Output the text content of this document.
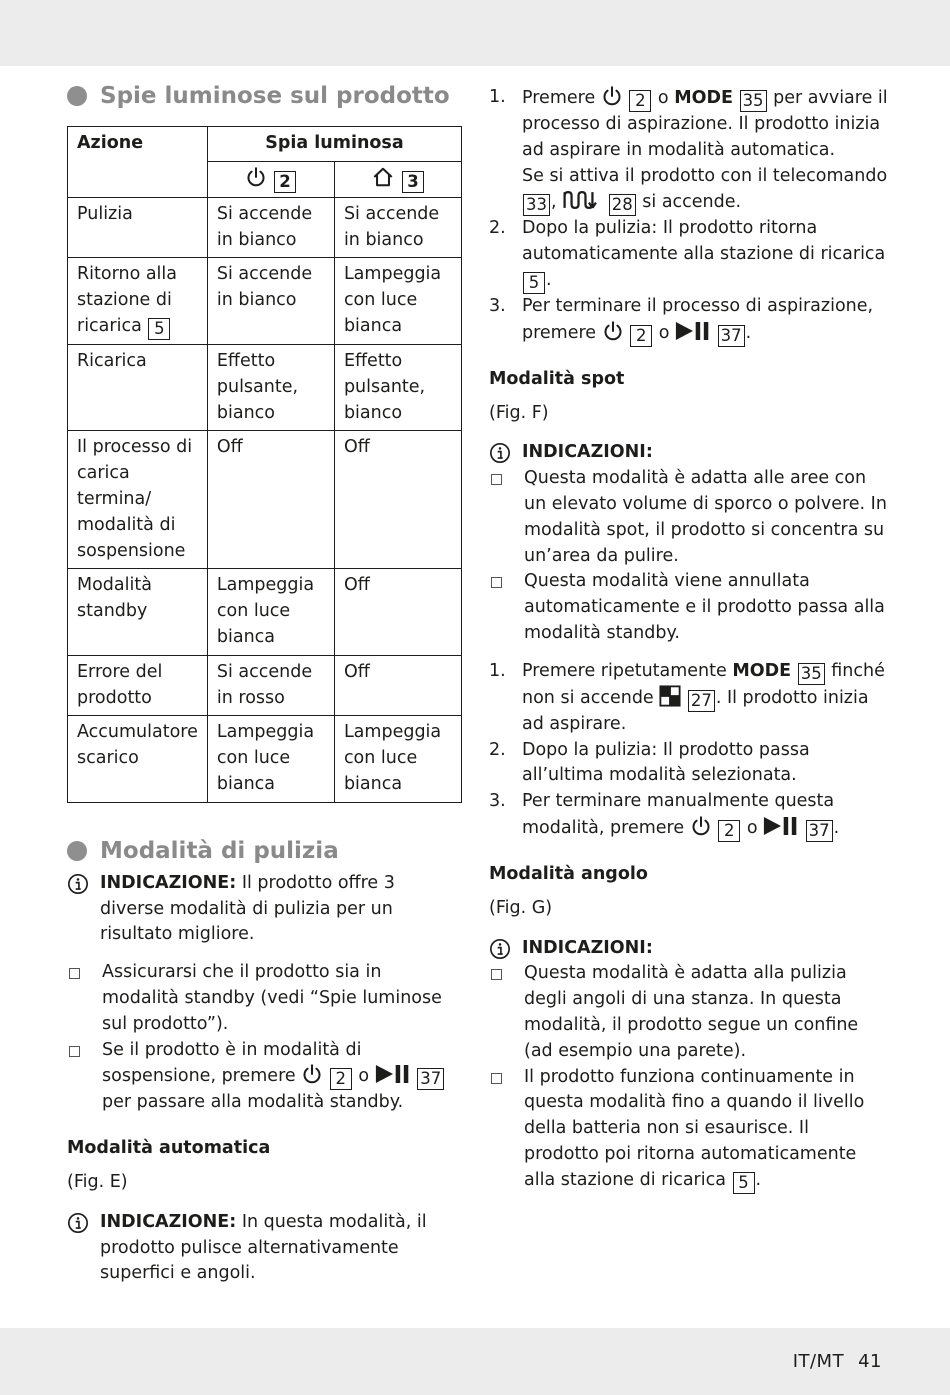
IT/MT 41
Spie luminose sul prodotto
Azione	Spia luminosa	
	2	3
Pulizia	Si accende in bianco	Si accende in bianco
Ritorno alla stazione di ricarica 5	Si accende in bianco	Lampeggia con luce bianca
Ricarica	Effetto pulsante, bianco	Effetto pulsante, bianco
Il processo di carica termina/ modalità di sospensione	Off	Off
Modalità standby	Lampeggia con luce bianca	Off
Errore del prodotto	Si accende in rosso	Off
Accumulatore scarico	Lampeggia con luce bianca	Lampeggia con luce bianca
Modalità di pulizia
INDICAZIONE: Il prodotto offre 3 diverse modalità di pulizia per un risultato migliore.
Assicurarsi che il prodotto sia in modalità standby (vedi “Spie luminose sul prodotto”).
Se il prodotto è in modalità di sospensione, premere  2 o	37 per passare alla modalità standby.
Modalità automatica
(Fig. E)
INDICAZIONE: In questa modalità, il prodotto pulisce alternativamente superfici e angoli.
1. Premere  2 o MODE 35 per avviare il processo di aspirazione. Il prodotto inizia ad aspirare in modalità automatica.
Se si attiva il prodotto con il telecomando 33 ,	28 si accende.
2. Dopo la pulizia: Il prodotto ritorna automaticamente alla stazione di ricarica 5 .
3. Per terminare il processo di aspirazione, premere  2 o	37 .
Modalità spot
(Fig. F)
INDICAZIONI:
Questa modalità è adatta alle aree con un elevato volume di sporco o polvere. In modalità spot, il prodotto si concentra su un’area da pulire.
Questa modalità viene annullata automaticamente e il prodotto passa alla modalità standby.
1. Premere ripetutamente MODE 35 finché non si accende  27 . Il prodotto inizia ad aspirare.
2. Dopo la pulizia: Il prodotto passa all’ultima modalità selezionata.
3. Per terminare manualmente questa modalità, premere  2 o	37 .
Modalità angolo
(Fig. G)
INDICAZIONI:
Questa modalità è adatta alla pulizia degli angoli di una stanza. In questa modalità, il prodotto segue un confine (ad esempio una parete).
Il prodotto funziona continuamente in questa modalità fino a quando il livello della batteria non si esaurisce. Il prodotto poi ritorna automaticamente alla stazione di ricarica 5 .
